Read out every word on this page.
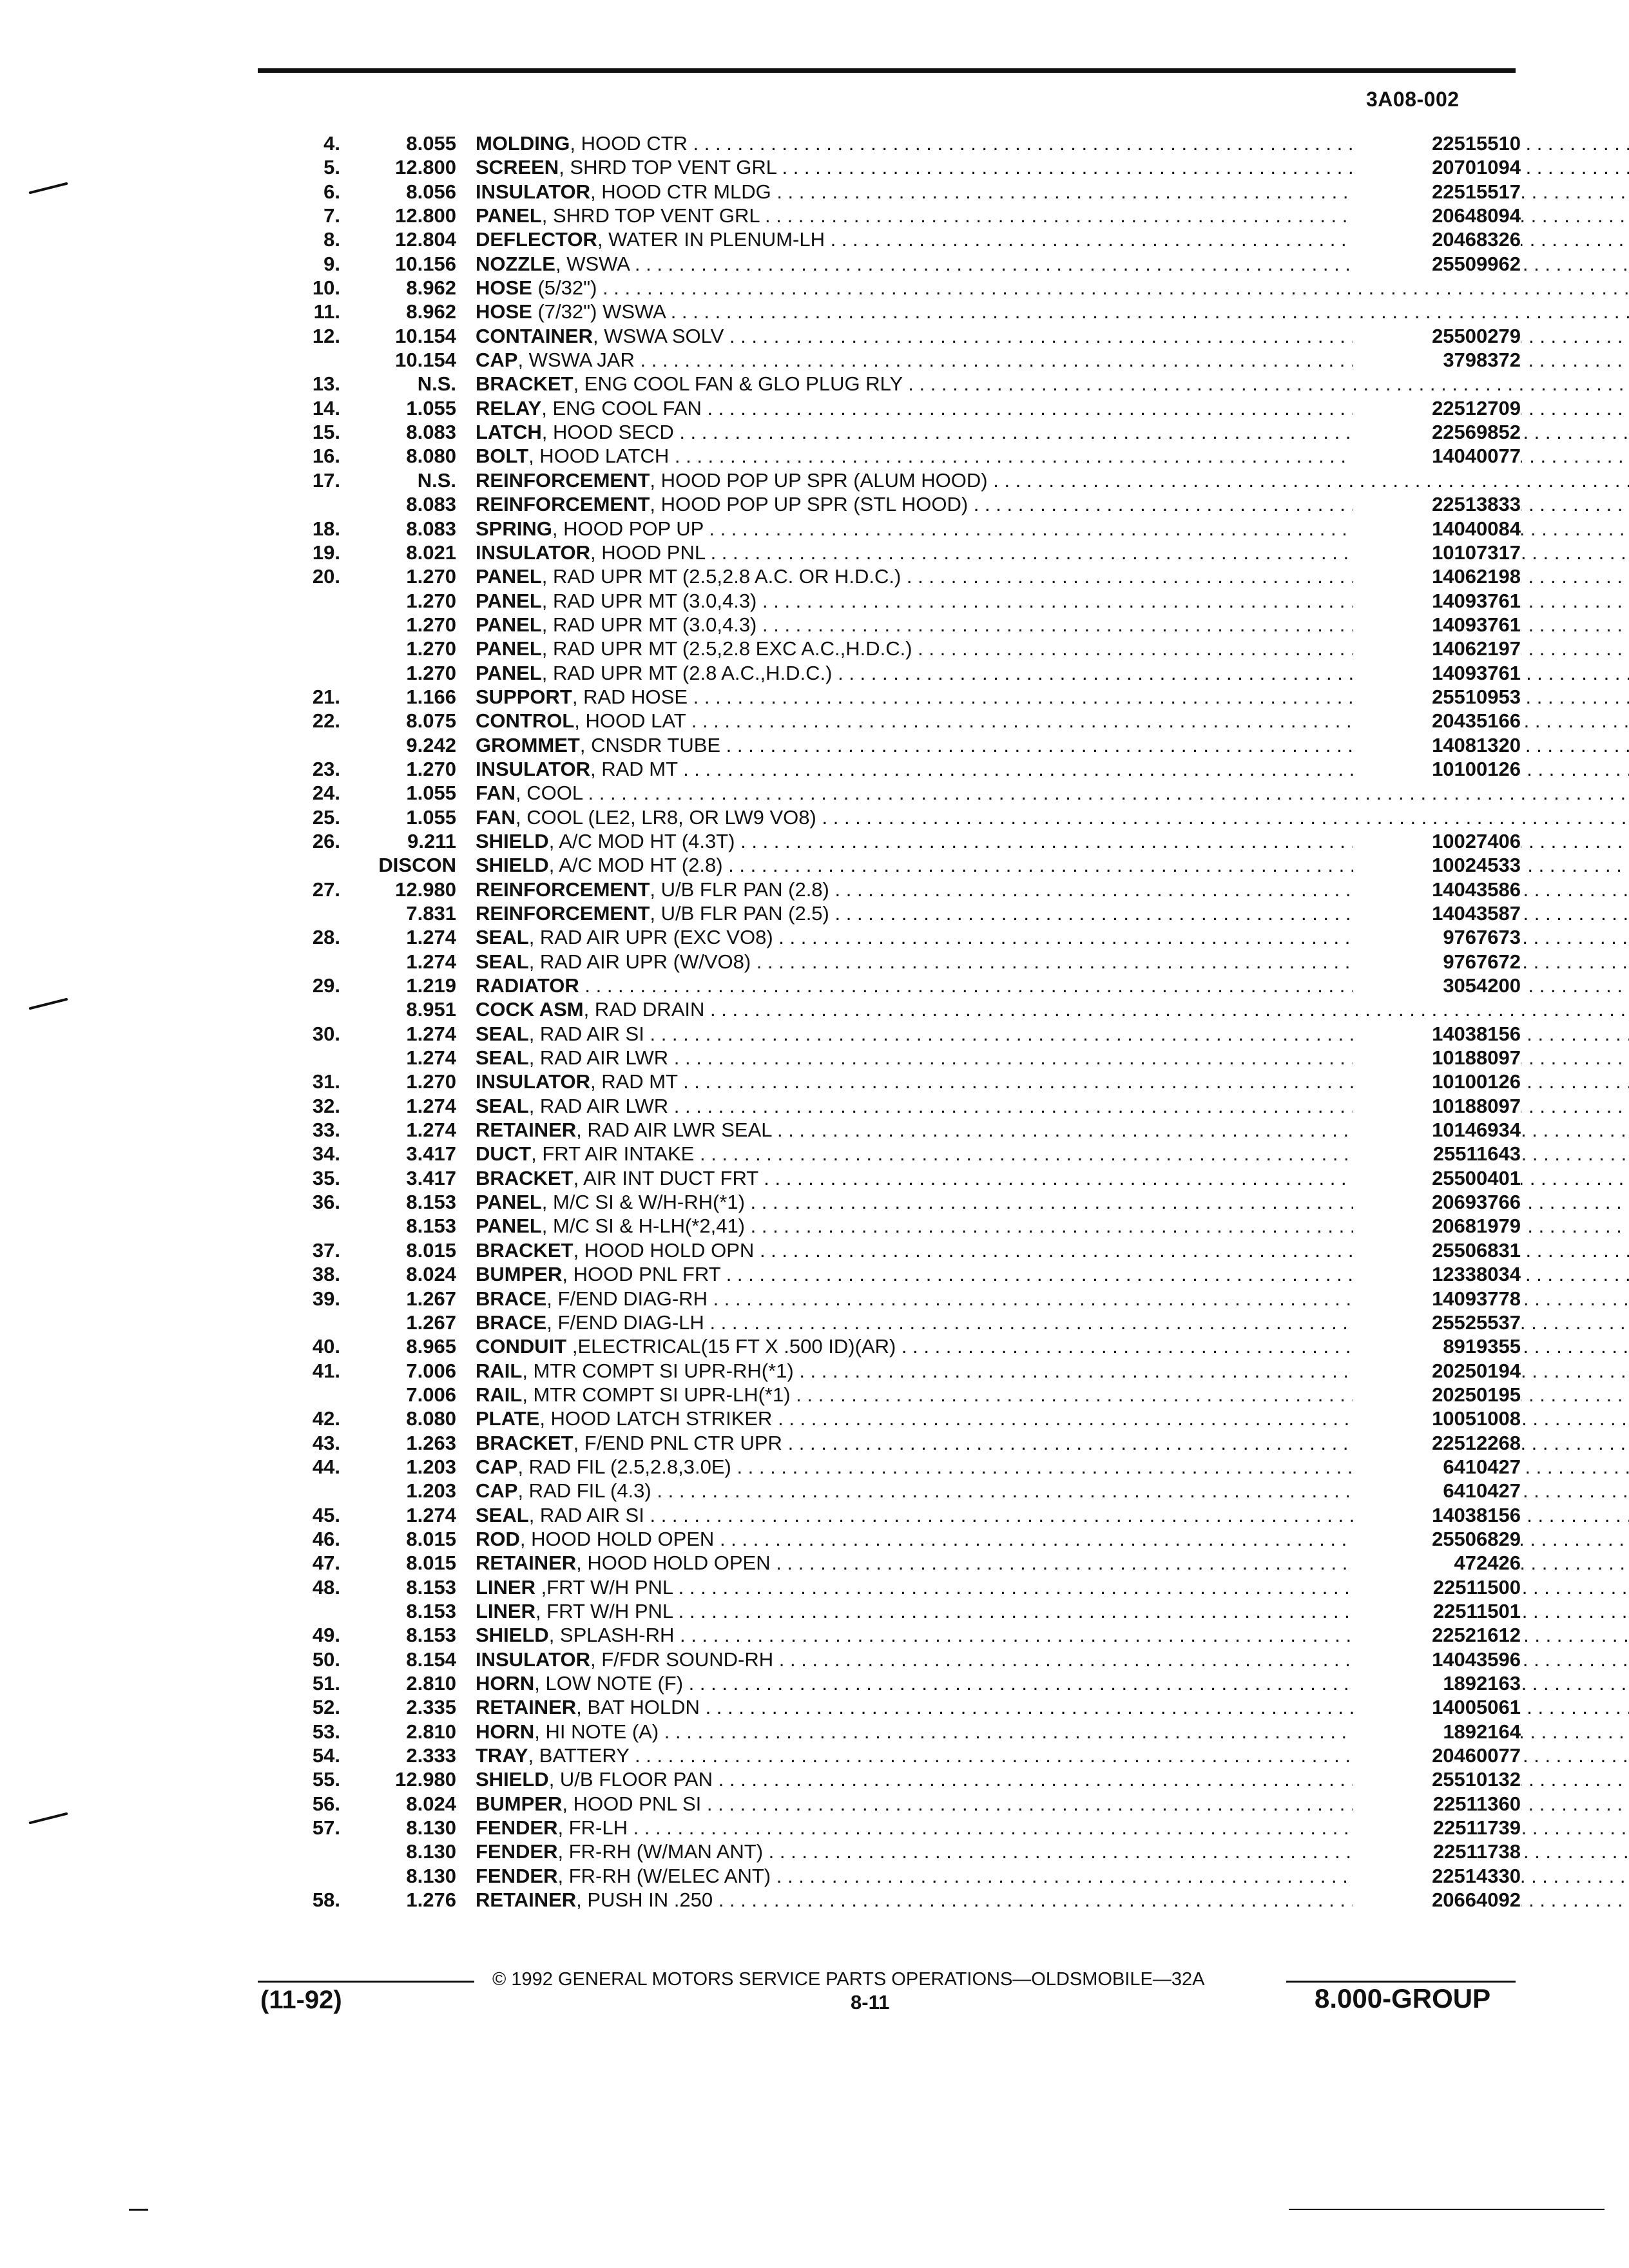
3A08-002
4.	8.055 MOLDING, HOOD CTR . . .	22515510
5.	12.800 SCREEN, SHRD TOP VENT GRL . . .	20701094
6.	8.056 INSULATOR, HOOD CTR MLDG . . .	22515517
7.	12.800 PANEL, SHRD TOP VENT GRL . . .	20648094
8.	12.804 DEFLECTOR, WATER IN PLENUM-LH . . .	20468326
9.	10.156 NOZZLE, WSWA . . .	25509962
10.	8.962 HOSE (5/32") . . .
11.	8.962 HOSE (7/32") WSWA . . .
12.	10.154 CONTAINER, WSWA SOLV . . .	25500279
10.154 CAP, WSWA JAR . . .	3798372
13.	N.S. BRACKET, ENG COOL FAN & GLO PLUG RLY . . .
14.	1.055 RELAY, ENG COOL FAN . . .	22512709
15.	8.083 LATCH, HOOD SECD . . .	22569852
16.	8.080 BOLT, HOOD LATCH . . .	14040077
17.	N.S. REINFORCEMENT, HOOD POP UP SPR (ALUM HOOD) . . .
8.083 REINFORCEMENT, HOOD POP UP SPR (STL HOOD) . . .	22513833
18.	8.083 SPRING, HOOD POP UP . . .	14040084
19.	8.021 INSULATOR, HOOD PNL . . .	10107317
20.	1.270 PANEL, RAD UPR MT (2.5,2.8 A.C. OR H.D.C.) . . .	14062198
1.270 PANEL, RAD UPR MT (3.0,4.3) . . .	14093761
1.270 PANEL, RAD UPR MT (3.0,4.3) . . .	14093761
1.270 PANEL, RAD UPR MT (2.5,2.8 EXC A.C.,H.D.C.) . . .	14062197
1.270 PANEL, RAD UPR MT (2.8 A.C.,H.D.C.) . . .	14093761
21.	1.166 SUPPORT, RAD HOSE . . .	25510953
22.	8.075 CONTROL, HOOD LAT . . .	20435166
9.242 GROMMET, CNSDR TUBE . . .	14081320
23.	1.270 INSULATOR, RAD MT . . .	10100126
24.	1.055 FAN, COOL . . .
25.	1.055 FAN, COOL (LE2, LR8, OR LW9 VO8) . . .
26.	9.211 SHIELD, A/C MOD HT (4.3T) . . .	10027406
DISCON SHIELD, A/C MOD HT (2.8) . . .	10024533
27.	12.980 REINFORCEMENT, U/B FLR PAN (2.8) . . .	14043586
7.831 REINFORCEMENT, U/B FLR PAN (2.5) . . .	14043587
28.	1.274 SEAL, RAD AIR UPR (EXC VO8) . . .	9767673
1.274 SEAL, RAD AIR UPR (W/VO8) . . .	9767672
29.	1.219 RADIATOR . . .	3054200
8.951 COCK ASM, RAD DRAIN . . .
30.	1.274 SEAL, RAD AIR SI . . .	14038156
1.274 SEAL, RAD AIR LWR . . .	10188097
31.	1.270 INSULATOR, RAD MT . . .	10100126
32.	1.274 SEAL, RAD AIR LWR . . .	10188097
33.	1.274 RETAINER, RAD AIR LWR SEAL . . .	10146934
34.	3.417 DUCT, FRT AIR INTAKE . . .	25511643
35.	3.417 BRACKET, AIR INT DUCT FRT . . .	25500401
36.	8.153 PANEL, M/C SI & W/H-RH(*1) . . .	20693766
8.153 PANEL, M/C SI & H-LH(*2,41) . . .	20681979
37.	8.015 BRACKET, HOOD HOLD OPN . . .	25506831
38.	8.024 BUMPER, HOOD PNL FRT . . .	12338034
39.	1.267 BRACE, F/END DIAG-RH . . .	14093778
1.267 BRACE, F/END DIAG-LH . . .	25525537
40.	8.965 CONDUIT ,ELECTRICAL(15 FT X .500 ID)(AR) . . .	8919355
41.	7.006 RAIL, MTR COMPT SI UPR-RH(*1) . . .	20250194
7.006 RAIL, MTR COMPT SI UPR-LH(*1) . . .	20250195
42.	8.080 PLATE, HOOD LATCH STRIKER . . .	10051008
43.	1.263 BRACKET, F/END PNL CTR UPR . . .	22512268
44.	1.203 CAP, RAD FIL (2.5,2.8,3.0E) . . .	6410427
1.203 CAP, RAD FIL (4.3) . . .	6410427
45.	1.274 SEAL, RAD AIR SI . . .	14038156
46.	8.015 ROD, HOOD HOLD OPEN . . .	25506829
47.	8.015 RETAINER, HOOD HOLD OPEN . . .	472426
48.	8.153 LINER ,FRT W/H PNL . . .	22511500
8.153 LINER, FRT W/H PNL . . .	22511501
49.	8.153 SHIELD, SPLASH-RH . . .	22521612
50.	8.154 INSULATOR, F/FDR SOUND-RH . . .	14043596
51.	2.810 HORN, LOW NOTE (F) . . .	1892163
52.	2.335 RETAINER, BAT HOLDN . . .	14005061
53.	2.810 HORN, HI NOTE (A) . . .	1892164
54.	2.333 TRAY, BATTERY . . .	20460077
55.	12.980 SHIELD, U/B FLOOR PAN . . .	25510132
56.	8.024 BUMPER, HOOD PNL SI . . .	22511360
57.	8.130 FENDER, FR-LH . . .	22511739
8.130 FENDER, FR-RH (W/MAN ANT) . . .	22511738
8.130 FENDER, FR-RH (W/ELEC ANT) . . .	22514330
58.	1.276 RETAINER, PUSH IN .250 . . .	20664092
© 1992 GENERAL MOTORS SERVICE PARTS OPERATIONS—OLDSMOBILE—32A
(11-92)	8-11	8.000-GROUP
